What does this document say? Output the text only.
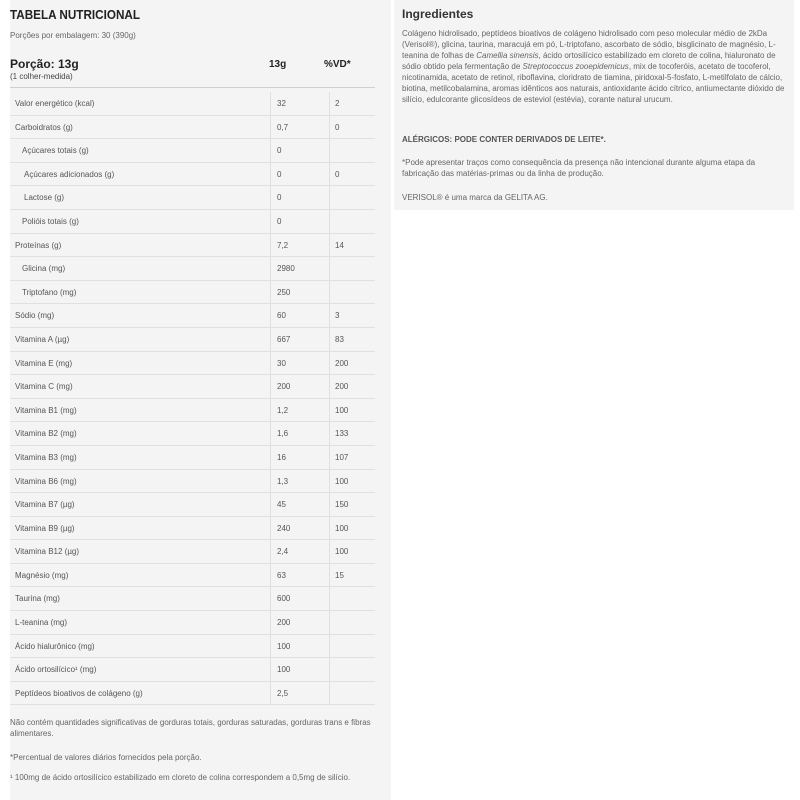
TABELA NUTRICIONAL
Porções por embalagem: 30 (390g)
Porção: 13g
(1 colher-medida)
13g	%VD*
Valor energético (kcal)	32	2
Carboidratos (g)	0,7	0
Açúcares totais (g)	0
Açúcares adicionados (g)	0	0
Lactose (g)	0
Polióis totais (g)	0
Proteínas (g)	7,2	14
Glicina (mg)	2980
Triptofano (mg)	250
Sódio (mg)	60	3
Vitamina A (µg)	667	83
Vitamina E (mg)	30	200
Vitamina C (mg)	200	200
Vitamina B1 (mg)	1,2	100
Vitamina B2 (mg)	1,6	133
Vitamina B3 (mg)	16	107
Vitamina B6 (mg)	1,3	100
Vitamina B7 (µg)	45	150
Vitamina B9 (µg)	240	100
Vitamina B12 (µg)	2,4	100
Magnésio (mg)	63	15
Taurina (mg)	600
L-teanina (mg)	200
Ácido hialurônico (mg)	100
Ácido ortosilícico¹ (mg)	100
Peptídeos bioativos de colágeno (g)	2,5
Não contém quantidades significativas de gorduras totais, gorduras saturadas, gorduras trans e fibras alimentares.
*Percentual de valores diários fornecidos pela porção.
¹ 100mg de ácido ortosilícico estabilizado em cloreto de colina correspondem a 0,5mg de silício.
Ingredientes
Colágeno hidrolisado, peptídeos bioativos de colágeno hidrolisado com peso molecular médio de 2kDa (Verisol®), glicina, taurina, maracujá em pó, L-triptofano, ascorbato de sódio, bisglicinato de magnésio, L- teanina de folhas de Camellia sinensis, ácido ortosilícico estabilizado em cloreto de colina, hialuronato de sódio obtido pela fermentação de Streptococcus zooepidemicus, mix de tocoferóis, acetato de tocoferol, nicotinamida, acetato de retinol, riboflavina, cloridrato de tiamina, piridoxal-5-fosfato, L-metilfolato de cálcio, biotina, metilcobalamina, aromas idênticos aos naturais, antioxidante ácido cítrico, antiumectante dióxido de silício, edulcorante glicosídeos de esteviol (estévia), corante natural urucum.
ALÉRGICOS: PODE CONTER DERIVADOS DE LEITE*.
*Pode apresentar traços como consequência da presença não intencional durante alguma etapa da fabricação das matérias-primas ou da linha de produção.
VERISOL® é uma marca da GELITA AG.
